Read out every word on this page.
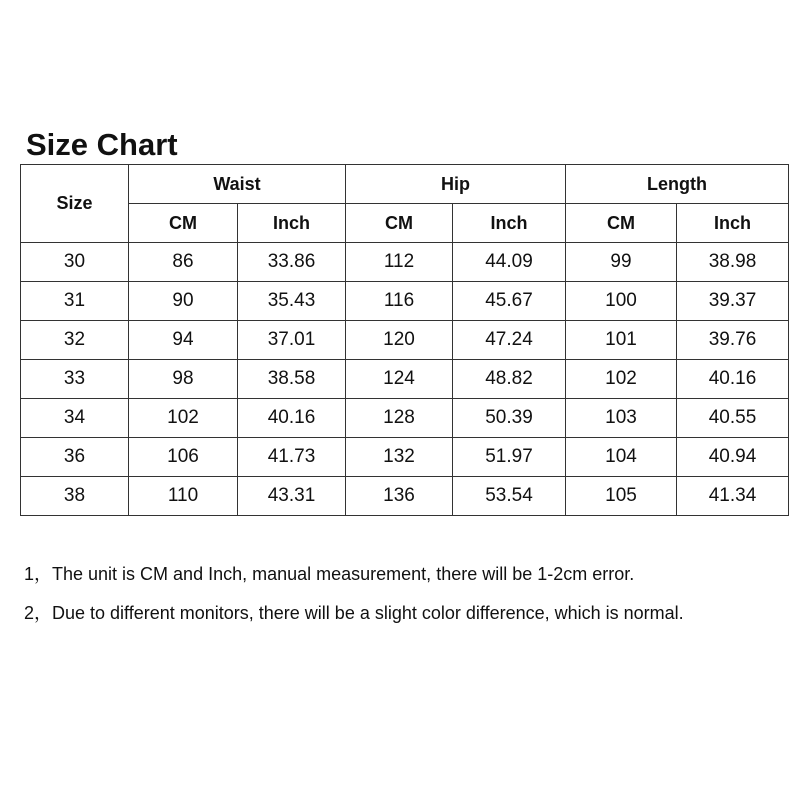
Size Chart
Size	Waist		Hip		Length	
	CM	Inch	CM	Inch	CM	Inch
30	86	33.86	112	44.09	99	38.98
31	90	35.43	116	45.67	100	39.37
32	94	37.01	120	47.24	101	39.76
33	98	38.58	124	48.82	102	40.16
34	102	40.16	128	50.39	103	40.55
36	106	41.73	132	51.97	104	40.94
38	110	43.31	136	53.54	105	41.34
1，The unit is CM and Inch, manual measurement, there will be 1-2cm error.
2，Due to different monitors, there will be a slight color difference, which is normal.
